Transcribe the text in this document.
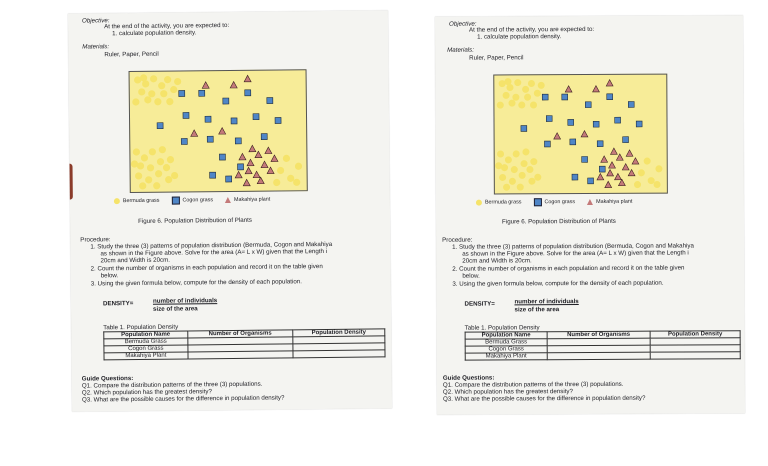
Objective:
At the end of the activity, you are expected to:
1. calculate population density.
Materials:
Ruler, Paper, Pencil
Bermuda grass	Cogon grass	Makahiya plant
Figure 6. Population Distribution of Plants
Procedure:
1. Study the three (3) patterns of population distribution (Bermuda, Cogon and Makahiya
as shown in the Figure above. Solve for the area (A= L x W) given that the Length i
20cm and Width is 20cm.
2. Count the number of organisms in each population and record it on the table given
below.
3. Using the given formula below, compute for the density of each population.
DENSITY=	number of individuals
size of the area
Table 1. Population Density
Population Name	Number of Organisms	Population Density
Bermuda Grass		
Cogon Grass		
Makahiya Plant		
Guide Questions:
Q1. Compare the distribution patterns of the three (3) populations.
Q2. Which population has the greatest density?
Q3. What are the possible causes for the difference in population density?
Objective:
At the end of the activity, you are expected to:
1. calculate population density.
Materials:
Ruler, Paper, Pencil
Bermuda grass	Cogon grass	Makahiya plant
Figure 6. Population Distribution of Plants
Procedure:
1. Study the three (3) patterns of population distribution (Bermuda, Cogon and Makahiya
as shown in the Figure above. Solve for the area (A= L x W) given that the Length i
20cm and Width is 20cm.
2. Count the number of organisms in each population and record it on the table given
below.
3. Using the given formula below, compute for the density of each population.
DENSITY=	number of individuals
size of the area
Table 1. Population Density
Population Name	Number of Organisms	Population Density
Bermuda Grass		
Cogon Grass		
Makahiya Plant		
Guide Questions:
Q1. Compare the distribution patterns of the three (3) populations.
Q2. Which population has the greatest density?
Q3. What are the possible causes for the difference in population density?
